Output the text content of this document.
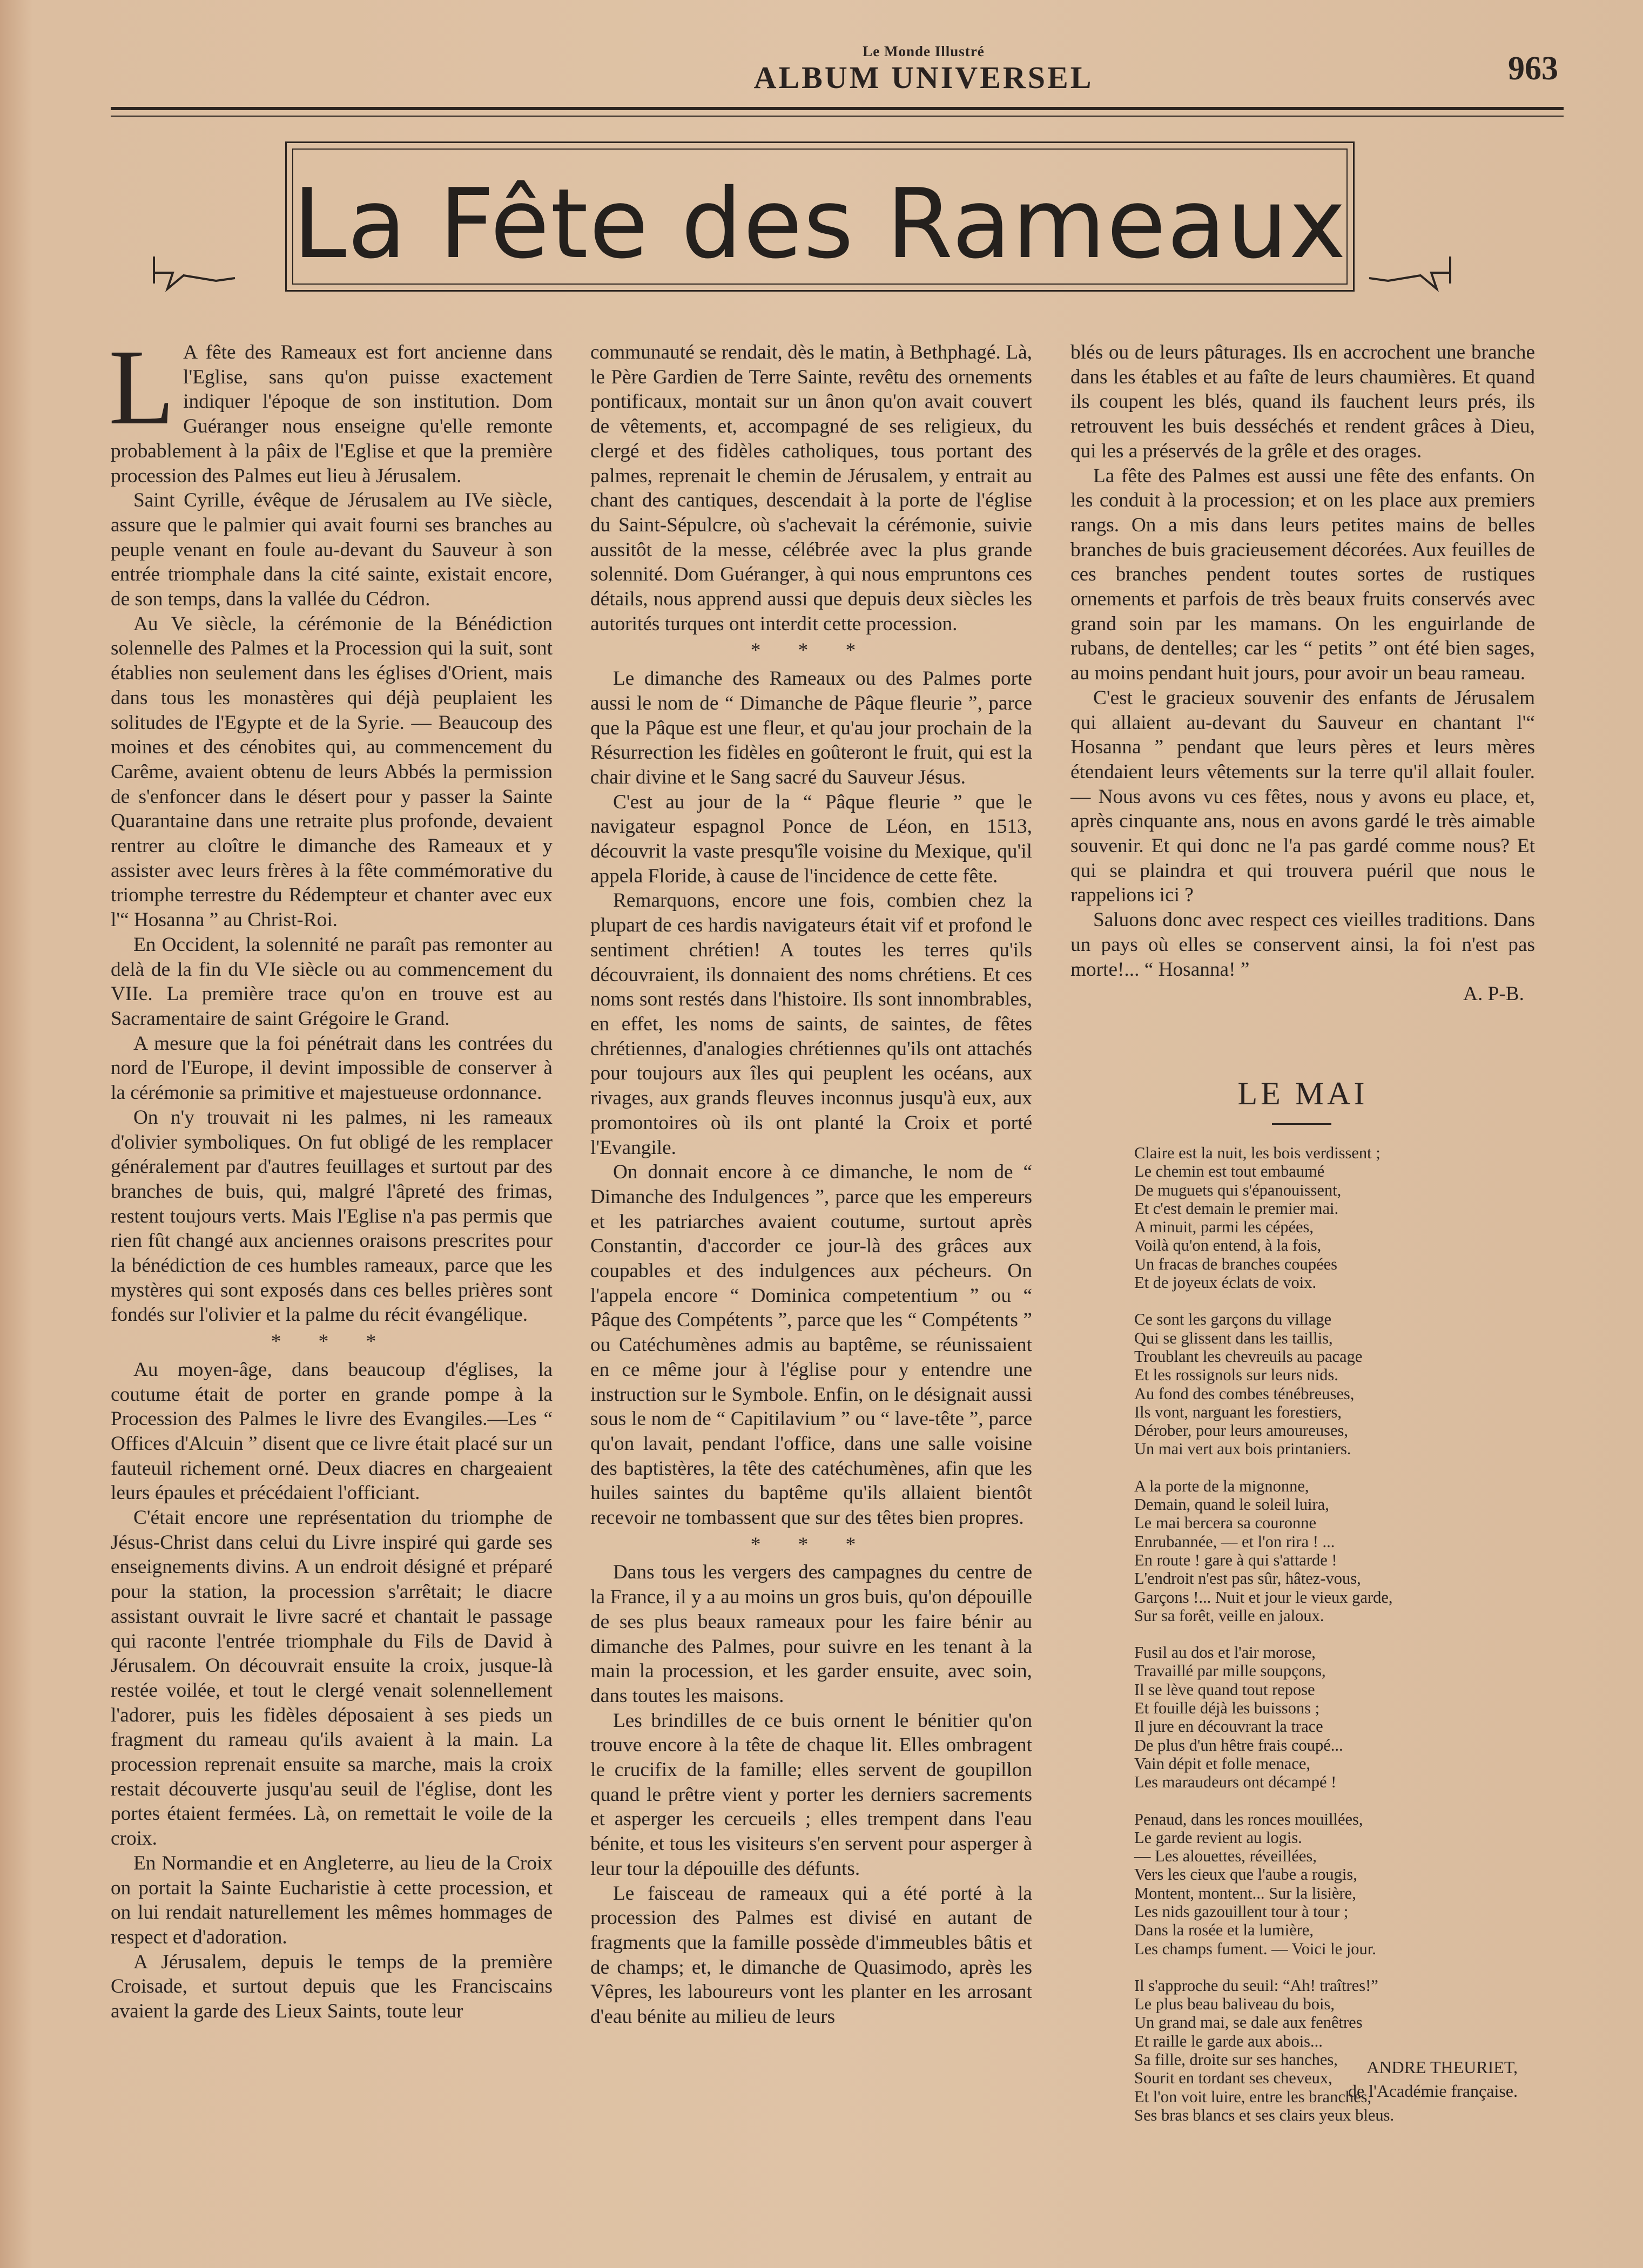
Le Monde Illustré
ALBUM UNIVERSEL	963
La Fête des Rameaux

L A fête des Rameaux est fort ancienne dans l'Eglise, sans qu'on puisse exactement indiquer l'époque de son institution. Dom Guéranger nous enseigne qu'elle remonte probablement à la pâix de l'Eglise et que la première procession des Palmes eut lieu à Jérusalem.

Saint Cyrille, évêque de Jérusalem au IVe siècle, assure que le palmier qui avait fourni ses branches au peuple venant en foule au-devant du Sauveur à son entrée triomphale dans la cité sainte, existait encore, de son temps, dans la vallée du Cédron.

Au Ve siècle, la cérémonie de la Bénédiction solennelle des Palmes et la Procession qui la suit, sont établies non seulement dans les églises d'Orient, mais dans tous les monastères qui déjà peuplaient les solitudes de l'Egypte et de la Syrie. — Beaucoup des moines et des cénobites qui, au commencement du Carême, avaient obtenu de leurs Abbés la permission de s'enfoncer dans le désert pour y passer la Sainte Quarantaine dans une retraite plus profonde, devaient rentrer au cloître le dimanche des Rameaux et y assister avec leurs frères à la fête commémorative du triomphe terrestre du Rédempteur et chanter avec eux l'“ Hosanna ” au Christ-Roi.

En Occident, la solennité ne paraît pas remonter au delà de la fin du VIe siècle ou au commencement du VIIe. La première trace qu'on en trouve est au Sacramentaire de saint Grégoire le Grand.

A mesure que la foi pénétrait dans les contrées du nord de l'Europe, il devint impossible de conserver à la cérémonie sa primitive et majestueuse ordonnance.

On n'y trouvait ni les palmes, ni les rameaux d'olivier symboliques. On fut obligé de les remplacer généralement par d'autres feuillages et surtout par des branches de buis, qui, malgré l'âpreté des frimas, restent toujours verts. Mais l'Eglise n'a pas permis que rien fût changé aux anciennes oraisons prescrites pour la bénédiction de ces humbles rameaux, parce que les mystères qui sont exposés dans ces belles prières sont fondés sur l'olivier et la palme du récit évangélique.

* * *

Au moyen-âge, dans beaucoup d'églises, la coutume était de porter en grande pompe à la Procession des Palmes le livre des Evangiles.—Les “ Offices d'Alcuin ” disent que ce livre était placé sur un fauteuil richement orné. Deux diacres en chargeaient leurs épaules et précédaient l'officiant.

C'était encore une représentation du triomphe de Jésus-Christ dans celui du Livre inspiré qui garde ses enseignements divins. A un endroit désigné et préparé pour la station, la procession s'arrêtait; le diacre assistant ouvrait le livre sacré et chantait le passage qui raconte l'entrée triomphale du Fils de David à Jérusalem. On découvrait ensuite la croix, jusque-là restée voilée, et tout le clergé venait solennellement l'adorer, puis les fidèles déposaient à ses pieds un fragment du rameau qu'ils avaient à la main. La procession reprenait ensuite sa marche, mais la croix restait découverte jusqu'au seuil de l'église, dont les portes étaient fermées. Là, on remettait le voile de la croix.

En Normandie et en Angleterre, au lieu de la Croix on portait la Sainte Eucharistie à cette procession, et on lui rendait naturellement les mêmes hommages de respect et d'adoration.

A Jérusalem, depuis le temps de la première Croisade, et surtout depuis que les Franciscains avaient la garde des Lieux Saints, toute leur

communauté se rendait, dès le matin, à Bethphagé. Là, le Père Gardien de Terre Sainte, revêtu des ornements pontificaux, montait sur un ânon qu'on avait couvert de vêtements, et, accompagné de ses religieux, du clergé et des fidèles catholiques, tous portant des palmes, reprenait le chemin de Jérusalem, y entrait au chant des cantiques, descendait à la porte de l'église du Saint-Sépulcre, où s'achevait la cérémonie, suivie aussitôt de la messe, célébrée avec la plus grande solennité. Dom Guéranger, à qui nous empruntons ces détails, nous apprend aussi que depuis deux siècles les autorités turques ont interdit cette procession.

* * *

Le dimanche des Rameaux ou des Palmes porte aussi le nom de “ Dimanche de Pâque fleurie ”, parce que la Pâque est une fleur, et qu'au jour prochain de la Résurrection les fidèles en goûteront le fruit, qui est la chair divine et le Sang sacré du Sauveur Jésus.

C'est au jour de la “ Pâque fleurie ” que le navigateur espagnol Ponce de Léon, en 1513, découvrit la vaste presqu'île voisine du Mexique, qu'il appela Floride, à cause de l'incidence de cette fête.

Remarquons, encore une fois, combien chez la plupart de ces hardis navigateurs était vif et profond le sentiment chrétien! A toutes les terres qu'ils découvraient, ils donnaient des noms chrétiens. Et ces noms sont restés dans l'histoire. Ils sont innombrables, en effet, les noms de saints, de saintes, de fêtes chrétiennes, d'analogies chrétiennes qu'ils ont attachés pour toujours aux îles qui peuplent les océans, aux rivages, aux grands fleuves inconnus jusqu'à eux, aux promontoires où ils ont planté la Croix et porté l'Evangile.

On donnait encore à ce dimanche, le nom de “ Dimanche des Indulgences ”, parce que les empereurs et les patriarches avaient coutume, surtout après Constantin, d'accorder ce jour-là des grâces aux coupables et des indulgences aux pécheurs. On l'appela encore “ Dominica competentium ” ou “ Pâque des Compétents ”, parce que les “ Compétents ” ou Catéchumènes admis au baptême, se réunissaient en ce même jour à l'église pour y entendre une instruction sur le Symbole. Enfin, on le désignait aussi sous le nom de “ Capitilavium ” ou “ lave-tête ”, parce qu'on lavait, pendant l'office, dans une salle voisine des baptistères, la tête des catéchumènes, afin que les huiles saintes du baptême qu'ils allaient bientôt recevoir ne tombassent que sur des têtes bien propres.

* * *

Dans tous les vergers des campagnes du centre de la France, il y a au moins un gros buis, qu'on dépouille de ses plus beaux rameaux pour les faire bénir au dimanche des Palmes, pour suivre en les tenant à la main la procession, et les garder ensuite, avec soin, dans toutes les maisons.

Les brindilles de ce buis ornent le bénitier qu'on trouve encore à la tête de chaque lit. Elles ombragent le crucifix de la famille; elles servent de goupillon quand le prêtre vient y porter les derniers sacrements et asperger les cercueils ; elles trempent dans l'eau bénite, et tous les visiteurs s'en servent pour asperger à leur tour la dépouille des défunts.

Le faisceau de rameaux qui a été porté à la procession des Palmes est divisé en autant de fragments que la famille possède d'immeubles bâtis et de champs; et, le dimanche de Quasimodo, après les Vêpres, les laboureurs vont les planter en les arrosant d'eau bénite au milieu de leurs

blés ou de leurs pâturages. Ils en accrochent une branche dans les étables et au faîte de leurs chaumières. Et quand ils coupent les blés, quand ils fauchent leurs prés, ils retrouvent les buis desséchés et rendent grâces à Dieu, qui les a préservés de la grêle et des orages.

La fête des Palmes est aussi une fête des enfants. On les conduit à la procession; et on les place aux premiers rangs. On a mis dans leurs petites mains de belles branches de buis gracieusement décorées. Aux feuilles de ces branches pendent toutes sortes de rustiques ornements et parfois de très beaux fruits conservés avec grand soin par les mamans. On les enguirlande de rubans, de dentelles; car les “ petits ” ont été bien sages, au moins pendant huit jours, pour avoir un beau rameau.

C'est le gracieux souvenir des enfants de Jérusalem qui allaient au-devant du Sauveur en chantant l'“ Hosanna ” pendant que leurs pères et leurs mères étendaient leurs vêtements sur la terre qu'il allait fouler. — Nous avons vu ces fêtes, nous y avons eu place, et, après cinquante ans, nous en avons gardé le très aimable souvenir. Et qui donc ne l'a pas gardé comme nous? Et qui se plaindra et qui trouvera puéril que nous le rappelions ici ?

Saluons donc avec respect ces vieilles traditions. Dans un pays où elles se conservent ainsi, la foi n'est pas morte!... “ Hosanna! ”

A. P-B.
LE MAI
Claire est la nuit, les bois verdissent ;
Le chemin est tout embaumé
De muguets qui s'épanouissent,
Et c'est demain le premier mai.
A minuit, parmi les cépées,
Voilà qu'on entend, à la fois,
Un fracas de branches coupées
Et de joyeux éclats de voix.
Ce sont les garçons du village
Qui se glissent dans les taillis,
Troublant les chevreuils au pacage
Et les rossignols sur leurs nids.
Au fond des combes ténébreuses,
Ils vont, narguant les forestiers,
Dérober, pour leurs amoureuses,
Un mai vert aux bois printaniers.
A la porte de la mignonne,
Demain, quand le soleil luira,
Le mai bercera sa couronne
Enrubannée, — et l'on rira ! ...
En route ! gare à qui s'attarde !
L'endroit n'est pas sûr, hâtez-vous,
Garçons !... Nuit et jour le vieux garde,
Sur sa forêt, veille en jaloux.
Fusil au dos et l'air morose,
Travaillé par mille soupçons,
Il se lève quand tout repose
Et fouille déjà les buissons ;
Il jure en découvrant la trace
De plus d'un hêtre frais coupé...
Vain dépit et folle menace,
Les maraudeurs ont décampé !
Penaud, dans les ronces mouillées,
Le garde revient au logis.
— Les alouettes, réveillées,
Vers les cieux que l'aube a rougis,
Montent, montent... Sur la lisière,
Les nids gazouillent tour à tour ;
Dans la rosée et la lumière,
Les champs fument. — Voici le jour.
Il s'approche du seuil: “Ah! traîtres!”
Le plus beau baliveau du bois,
Un grand mai, se dale aux fenêtres
Et raille le garde aux abois...
Sa fille, droite sur ses hanches,
Sourit en tordant ses cheveux,
Et l'on voit luire, entre les branches,
Ses bras blancs et ses clairs yeux bleus.
ANDRE THEURIET,
de l'Académie française.
